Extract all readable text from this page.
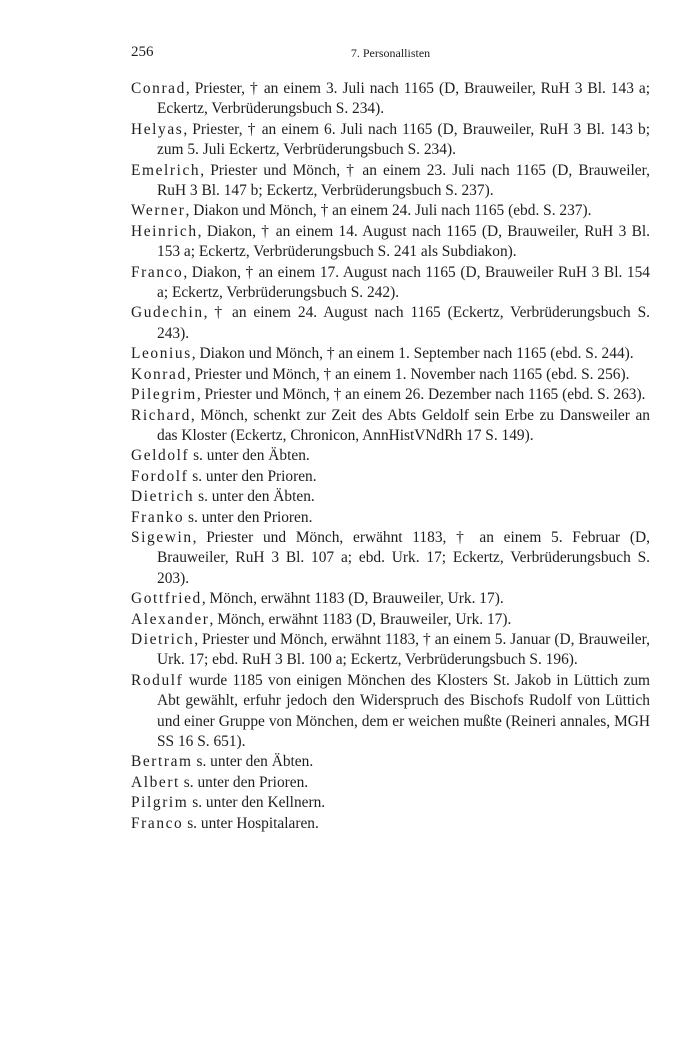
256	7. Personallisten

Conrad, Priester, † an einem 3. Juli nach 1165 (D, Brauweiler, RuH 3 Bl. 143 a; Eckertz, Verbrüderungsbuch S. 234).

Helyas, Priester, † an einem 6. Juli nach 1165 (D, Brauweiler, RuH 3 Bl. 143 b; zum 5. Juli Eckertz, Verbrüderungsbuch S. 234).

Emelrich, Priester und Mönch, † an einem 23. Juli nach 1165 (D, Brauweiler, RuH 3 Bl. 147 b; Eckertz, Verbrüderungsbuch S. 237).

Werner, Diakon und Mönch, † an einem 24. Juli nach 1165 (ebd. S. 237).

Heinrich, Diakon, † an einem 14. August nach 1165 (D, Brauweiler, RuH 3 Bl. 153 a; Eckertz, Verbrüderungsbuch S. 241 als Subdiakon).

Franco, Diakon, † an einem 17. August nach 1165 (D, Brauweiler RuH 3 Bl. 154 a; Eckertz, Verbrüderungsbuch S. 242).

Gudechin, † an einem 24. August nach 1165 (Eckertz, Verbrüderungsbuch S. 243).

Leonius, Diakon und Mönch, † an einem 1. September nach 1165 (ebd. S. 244).

Konrad, Priester und Mönch, † an einem 1. November nach 1165 (ebd. S. 256).

Pilegrim, Priester und Mönch, † an einem 26. Dezember nach 1165 (ebd. S. 263).

Richard, Mönch, schenkt zur Zeit des Abts Geldolf sein Erbe zu Dansweiler an das Kloster (Eckertz, Chronicon, AnnHistVNdRh 17 S. 149).

Geldolf s. unter den Äbten.

Fordolf s. unter den Prioren.

Dietrich s. unter den Äbten.

Franko s. unter den Prioren.

Sigewin, Priester und Mönch, erwähnt 1183, † an einem 5. Februar (D, Brauweiler, RuH 3 Bl. 107 a; ebd. Urk. 17; Eckertz, Verbrüderungsbuch S. 203).

Gottfried, Mönch, erwähnt 1183 (D, Brauweiler, Urk. 17).

Alexander, Mönch, erwähnt 1183 (D, Brauweiler, Urk. 17).

Dietrich, Priester und Mönch, erwähnt 1183, † an einem 5. Januar (D, Brauweiler, Urk. 17; ebd. RuH 3 Bl. 100 a; Eckertz, Verbrüderungsbuch S. 196).

Rodulf wurde 1185 von einigen Mönchen des Klosters St. Jakob in Lüttich zum Abt gewählt, erfuhr jedoch den Widerspruch des Bischofs Rudolf von Lüttich und einer Gruppe von Mönchen, dem er weichen mußte (Reineri annales, MGH SS 16 S. 651).

Bertram s. unter den Äbten.

Albert s. unter den Prioren.

Pilgrim s. unter den Kellnern.

Franco s. unter Hospitalaren.
